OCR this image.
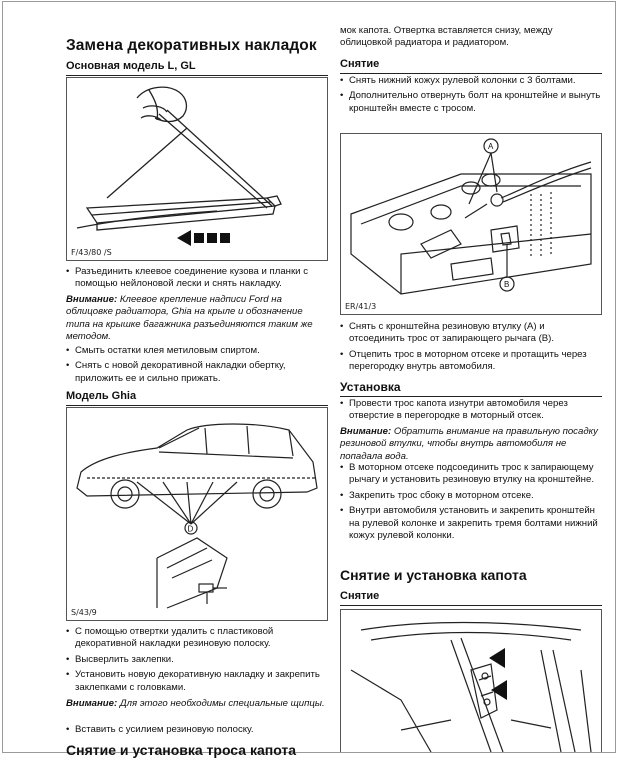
Замена декоративных накладок
Основная модель L, GL
F/43/80 /S
• Разъединить клеевое соединение кузова и планки с помощью нейлоновой лески и снять накладку.

Внимание: Клеевое крепление надписи Ford на облицовке радиатора, Ghia на крыле и обозначение типа на крышке багажника разъединяются таким же методом.

• Смыть остатки клея метиловым спиртом.
• Снять с новой декоративной накладки обертку, приложить ее и сильно прижать.
Модель Ghia
D
S/43/9
• С помощью отвертки удалить с пластиковой декоративной накладки резиновую полоску.
• Высверлить заклепки.
• Установить новую декоративную накладку и закрепить заклепками с головками.

Внимание: Для этого необходимы специальные щипцы.

• Вставить с усилием резиновую полоску.
Снятие и установка троса капота

мок капота. Отвертка вставляется снизу, между облицовкой радиатора и радиатором.

Снятие
• Снять нижний кожух рулевой колонки с 3 болтами.
• Дополнительно отвернуть болт на кронштейне и вынуть кронштейн вместе с тросом.
A
B
ER/41/3
• Снять с кронштейна резиновую втулку (A) и отсоединить трос от запирающего рычага (B).
• Отцепить трос в моторном отсеке и протащить через перегородку внутрь автомобиля.
Установка
• Провести трос капота изнутри автомобиля через отверстие в перегородке в моторный отсек.

Внимание: Обратить внимание на правильную посадку резиновой втулки, чтобы внутрь автомобиля не попадала вода.

• В моторном отсеке подсоединить трос к запирающему рычагу и установить резиновую втулку на кронштейне.
• Закрепить трос сбоку в моторном отсеке.
• Внутри автомобиля установить и закрепить кронштейн на рулевой колонке и закрепить тремя болтами нижний кожух рулевой колонки.
Снятие и установка капота
Снятие
